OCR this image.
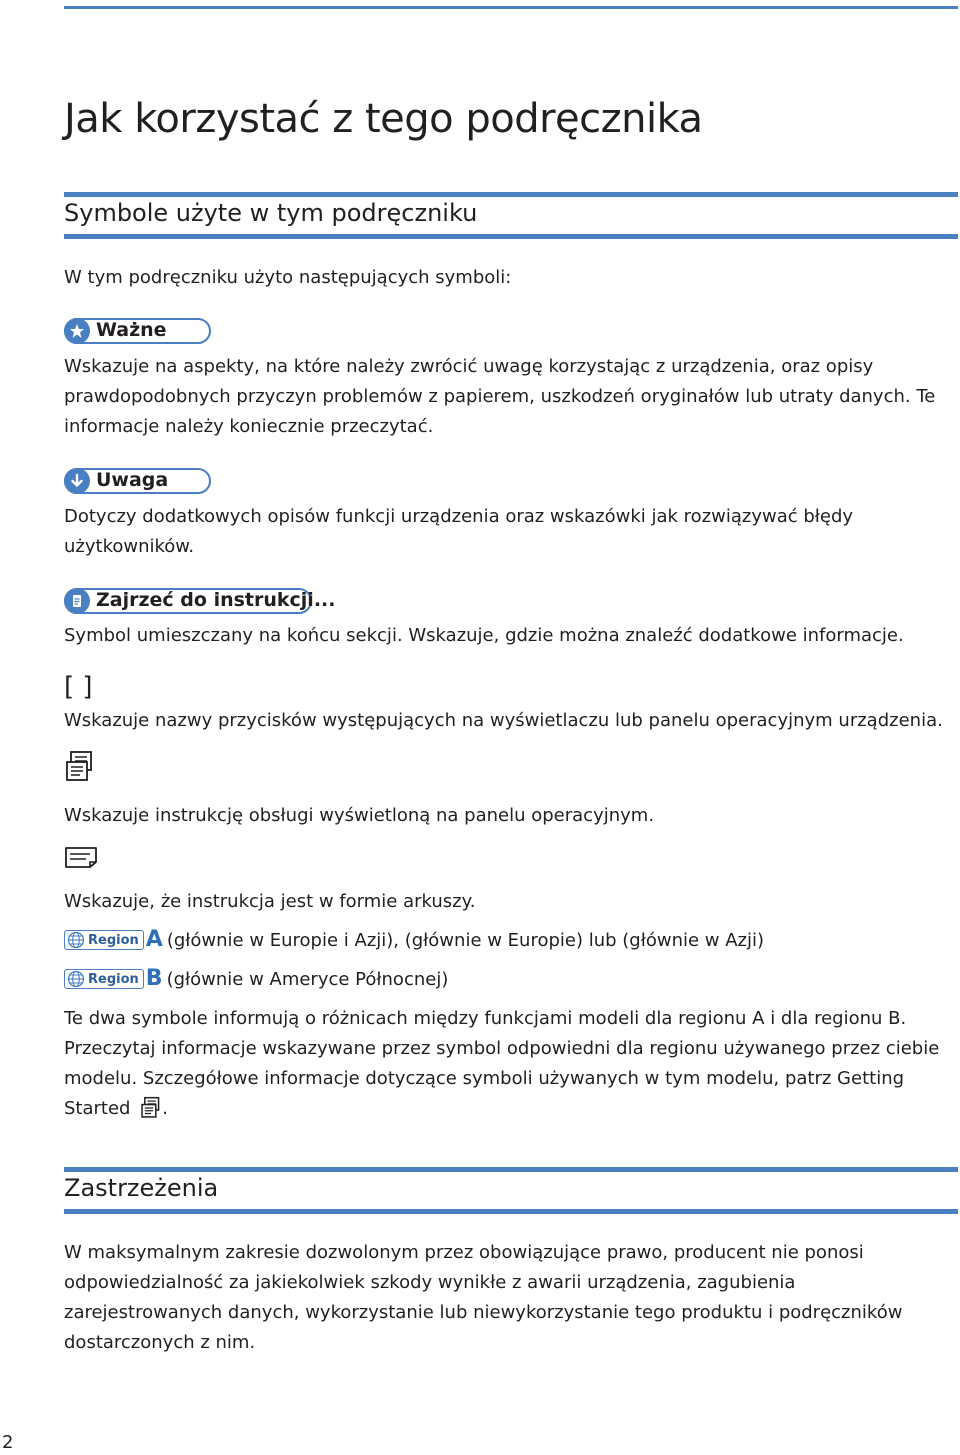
Jak korzystać z tego podręcznika
Symbole użyte w tym podręczniku
W tym podręczniku użyto następujących symboli:
Ważne
Wskazuje na aspekty, na które należy zwrócić uwagę korzystając z urządzenia, oraz opisy prawdopodobnych przyczyn problemów z papierem, uszkodzeń oryginałów lub utraty danych. Te informacje należy koniecznie przeczytać.
Uwaga
Dotyczy dodatkowych opisów funkcji urządzenia oraz wskazówki jak rozwiązywać błędy użytkowników.
Zajrzeć do instrukcji...
Symbol umieszczany na końcu sekcji. Wskazuje, gdzie można znaleźć dodatkowe informacje.
[ ]
Wskazuje nazwy przycisków występujących na wyświetlaczu lub panelu operacyjnym urządzenia.
Wskazuje instrukcję obsługi wyświetloną na panelu operacyjnym.
Wskazuje, że instrukcja jest w formie arkuszy.
Region A (głównie w Europie i Azji), (głównie w Europie) lub (głównie w Azji)
Region B (głównie w Ameryce Północnej)
Te dwa symbole informują o różnicach między funkcjami modeli dla regionu A i dla regionu B. Przeczytaj informacje wskazywane przez symbol odpowiedni dla regionu używanego przez ciebie modelu. Szczegółowe informacje dotyczące symboli używanych w tym modelu, patrz Getting Started .
Zastrzeżenia
W maksymalnym zakresie dozwolonym przez obowiązujące prawo, producent nie ponosi odpowiedzialność za jakiekolwiek szkody wynikłe z awarii urządzenia, zagubienia zarejestrowanych danych, wykorzystanie lub niewykorzystanie tego produktu i podręczników dostarczonych z nim.
2
